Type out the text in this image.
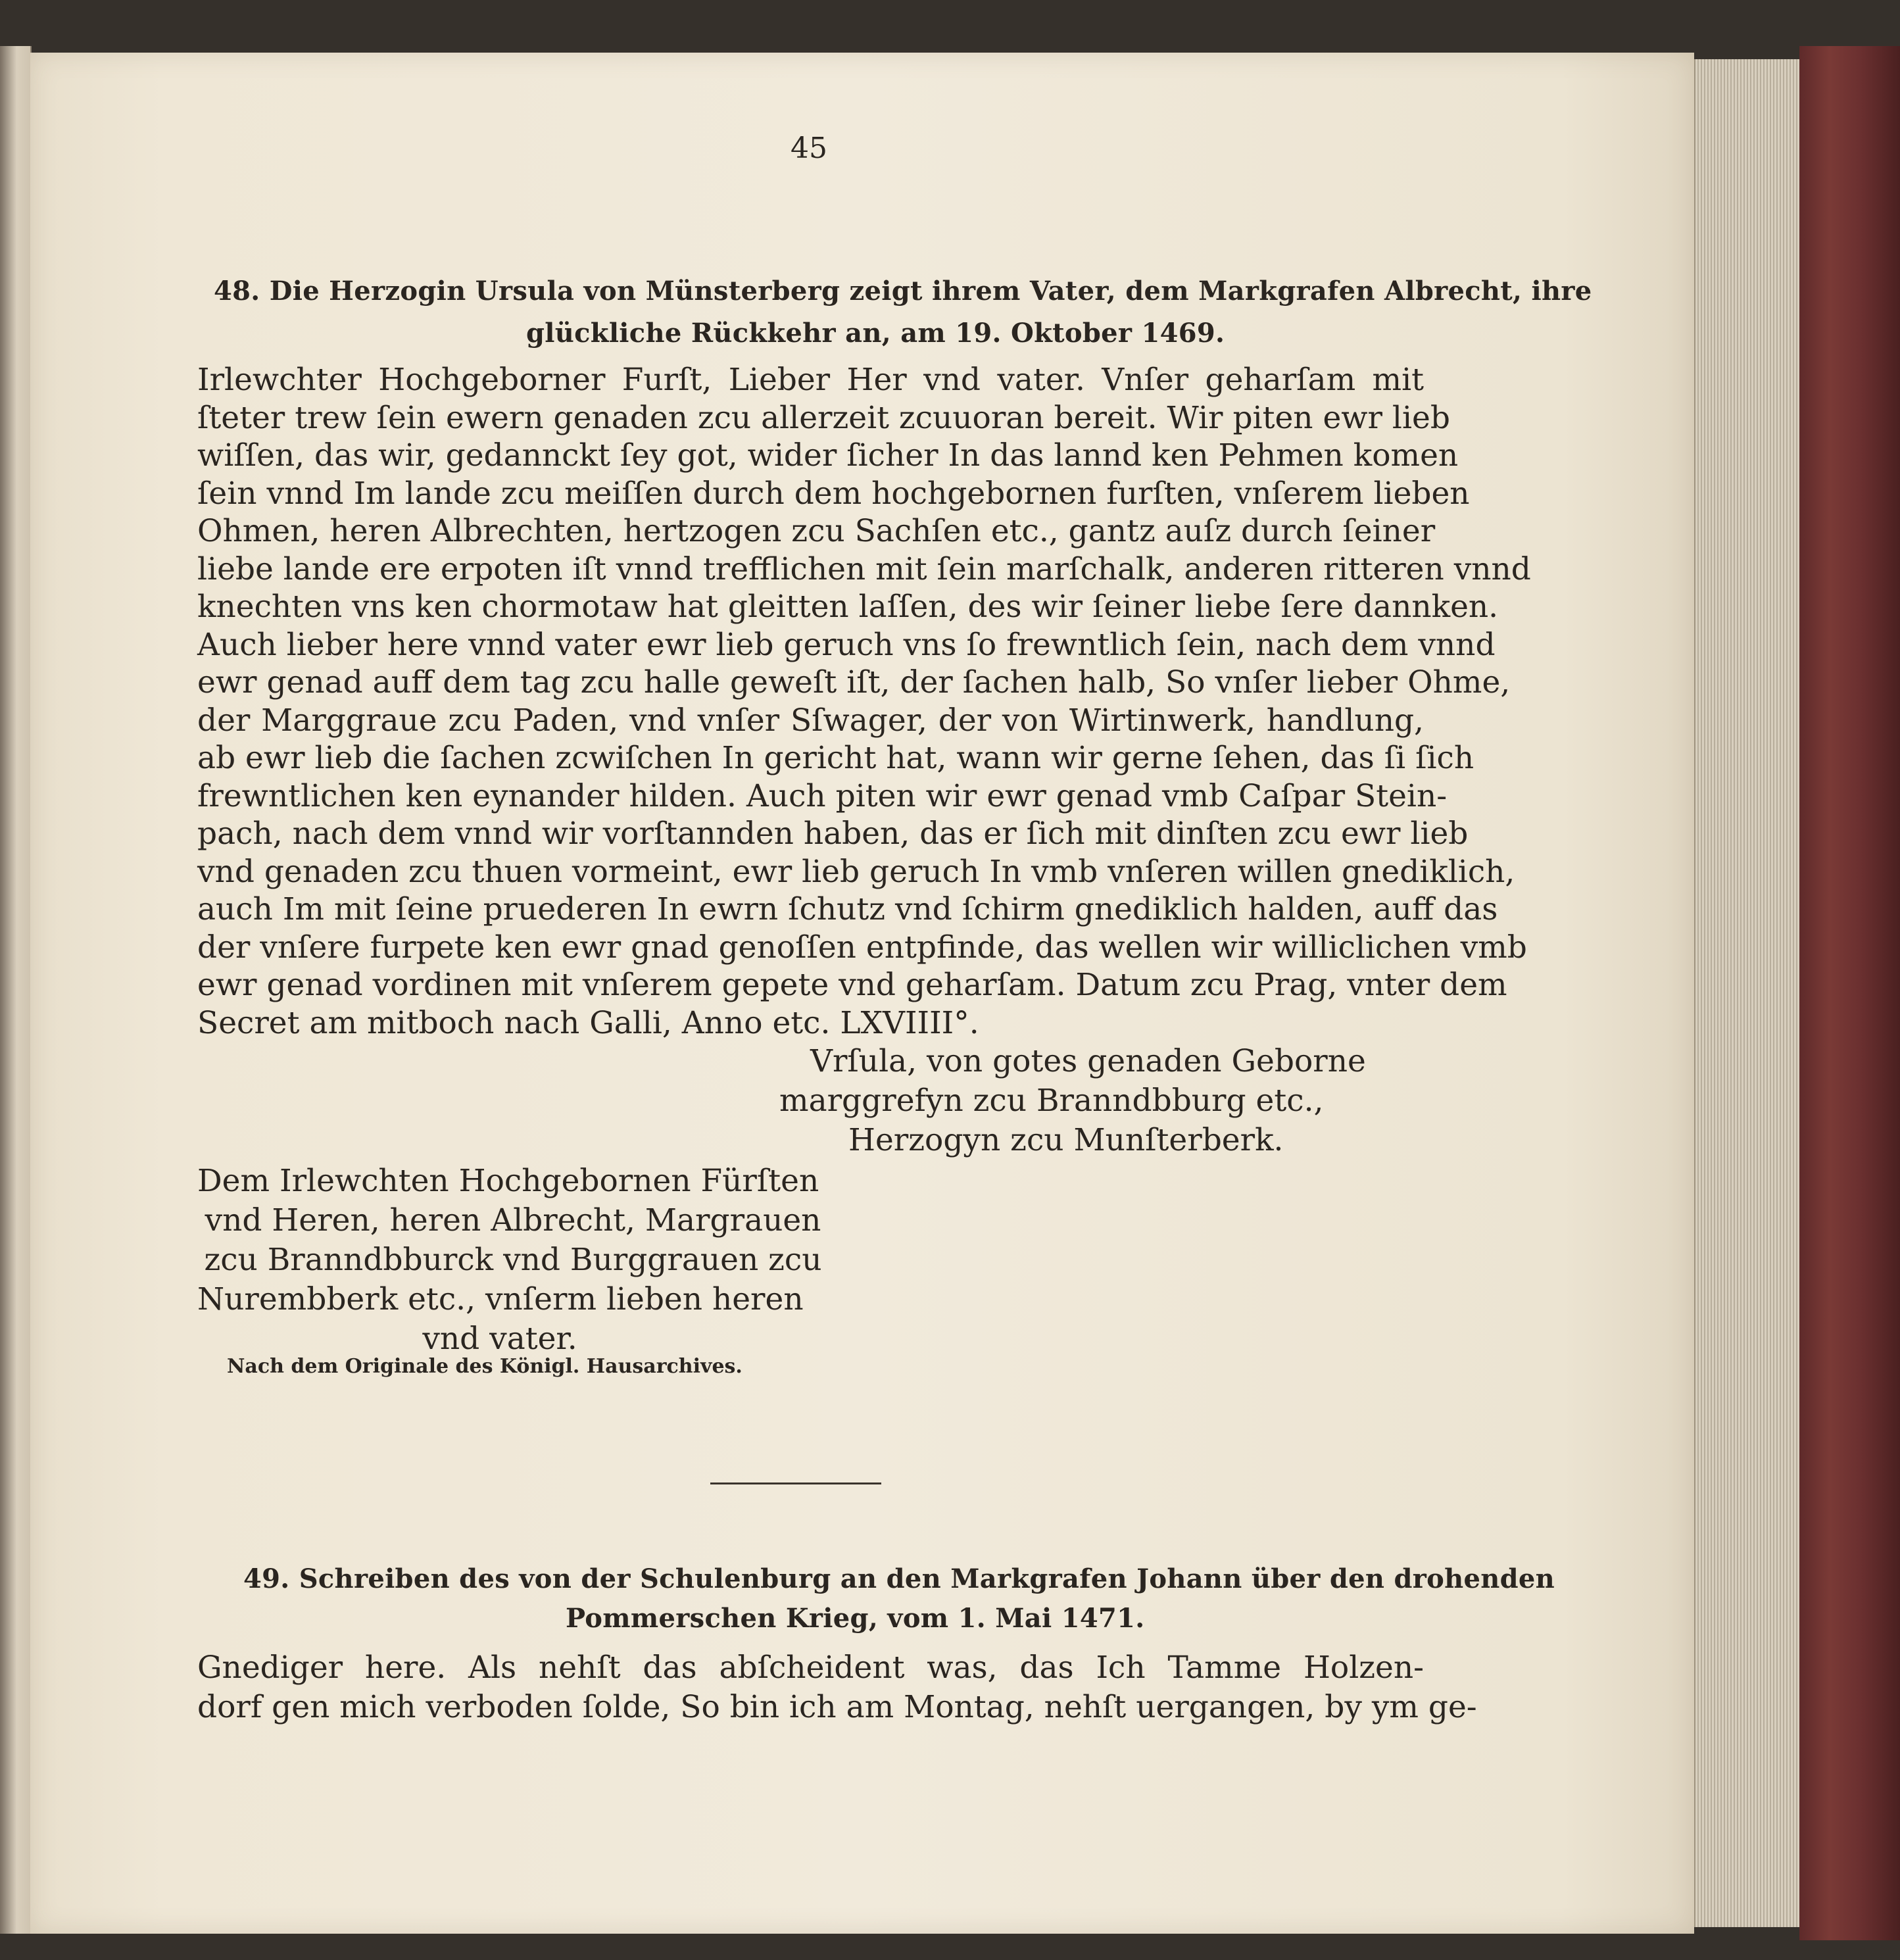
45
48. Die Herzogin Ursula von Münsterberg zeigt ihrem Vater, dem Markgrafen Albrecht, ihre
glückliche Rückkehr an, am 19. Oktober 1469.
Irlewchter Hochgeborner Furſt, Lieber Her vnd vater. Vnſer geharſam mit
ſteter trew ſein ewern genaden zcu allerzeit zcuuoran bereit. Wir piten ewr lieb
wiſſen, das wir, gedannckt ſey got, wider ſicher In das lannd ken Pehmen komen
ſein vnnd Im lande zcu meiſſen durch dem hochgebornen furſten, vnſerem lieben
Ohmen, heren Albrechten, hertzogen zcu Sachſen etc., gantz auſz durch ſeiner
liebe lande ere erpoten iſt vnnd trefflichen mit ſein marſchalk, anderen ritteren vnnd
knechten vns ken chormotaw hat gleitten laſſen, des wir ſeiner liebe ſere dannken.
Auch lieber here vnnd vater ewr lieb geruch vns ſo frewntlich ſein, nach dem vnnd
ewr genad auff dem tag zcu halle geweſt iſt, der ſachen halb, So vnſer lieber Ohme,
der Marggraue zcu Paden, vnd vnſer Sſwager, der von Wirtinwerk, handlung,
ab ewr lieb die ſachen zcwiſchen In gericht hat, wann wir gerne ſehen, das ſi ſich
frewntlichen ken eynander hilden. Auch piten wir ewr genad vmb Caſpar Stein-
pach, nach dem vnnd wir vorſtannden haben, das er ſich mit dinſten zcu ewr lieb
vnd genaden zcu thuen vormeint, ewr lieb geruch In vmb vnſeren willen gnediklich,
auch Im mit ſeine pruederen In ewrn ſchutz vnd ſchirm gnediklich halden, auff das
der vnſere furpete ken ewr gnad genoſſen entpfinde, das wellen wir williclichen vmb
ewr genad vordinen mit vnſerem gepete vnd geharſam. Datum zcu Prag, vnter dem
Secret am mitboch nach Galli, Anno etc. LXVIIII°.
Vrſula, von gotes genaden Geborne
marggrefyn zcu Branndbburg etc.,
Herzogyn zcu Munſterberk.
Dem Irlewchten Hochgebornen Fürſten
vnd Heren, heren Albrecht, Margrauen
zcu Branndbburck vnd Burggrauen zcu
Nurembberk etc., vnſerm lieben heren
vnd vater.
Nach dem Originale des Königl. Hausarchives.
49. Schreiben des von der Schulenburg an den Markgrafen Johann über den drohenden
Pommerschen Krieg, vom 1. Mai 1471.
Gnediger here. Als nehſt das abſcheident was, das Ich Tamme Holzen-
dorf gen mich verboden ſolde, So bin ich am Montag, nehſt uergangen, by ym ge-
